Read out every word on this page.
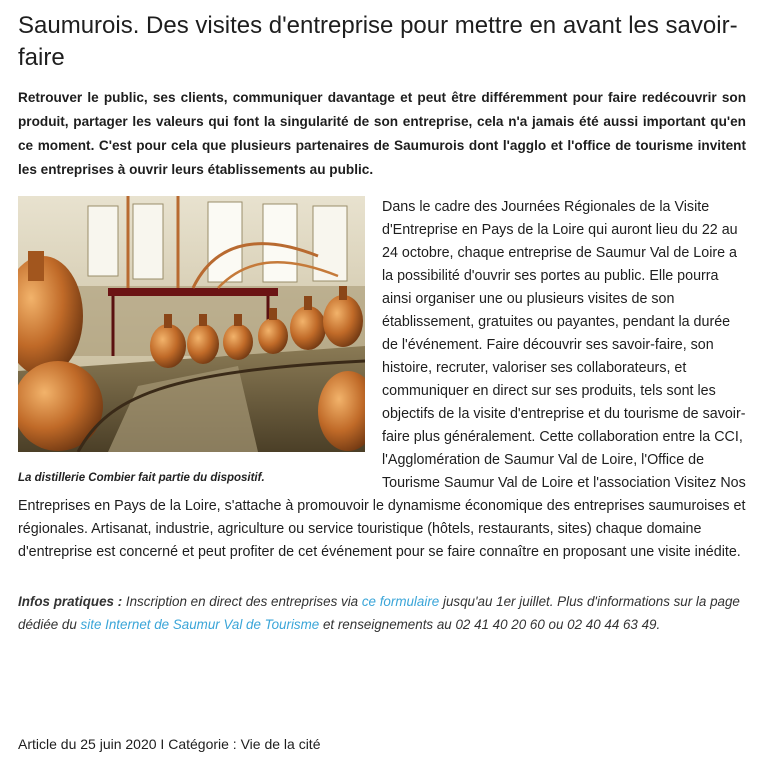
Saumurois. Des visites d'entreprise pour mettre en avant les savoir-faire

Retrouver le public, ses clients, communiquer davantage et peut être différemment pour faire redécouvrir son produit, partager les valeurs qui font la singularité de son entreprise, cela n'a jamais été aussi important qu'en ce moment. C'est pour cela que plusieurs partenaires de Saumurois dont l'agglo et l'office de tourisme invitent les entreprises à ouvrir leurs établissements au public.

La distillerie Combier fait partie du dispositif.

Dans le cadre des Journées Régionales de la Visite d'Entreprise en Pays de la Loire qui auront lieu du 22 au 24 octobre, chaque entreprise de Saumur Val de Loire a la possibilité d'ouvrir ses portes au public. Elle pourra ainsi organiser une ou plusieurs visites de son établissement, gratuites ou payantes, pendant la durée de l'événement. Faire découvrir ses savoir-faire, son histoire, recruter, valoriser ses collaborateurs, et communiquer en direct sur ses produits, tels sont les objectifs de la visite d'entreprise et du tourisme de savoir-faire plus généralement. Cette collaboration entre la CCI, l'Agglomération de Saumur Val de Loire, l'Office de Tourisme Saumur Val de Loire et l'association Visitez Nos Entreprises en Pays de la Loire, s'attache à promouvoir le dynamisme économique des entreprises saumuroises et régionales. Artisanat, industrie, agriculture ou service touristique (hôtels, restaurants, sites) chaque domaine d'entreprise est concerné et peut profiter de cet événement pour se faire connaître en proposant une visite inédite.

Infos pratiques : Inscription en direct des entreprises via ce formulaire jusqu'au 1er juillet. Plus d'informations sur la page dédiée du site Internet de Saumur Val de Tourisme et renseignements au 02 41 40 20 60 ou 02 40 44 63 49.
Article du 25 juin 2020 I Catégorie : Vie de la cité
